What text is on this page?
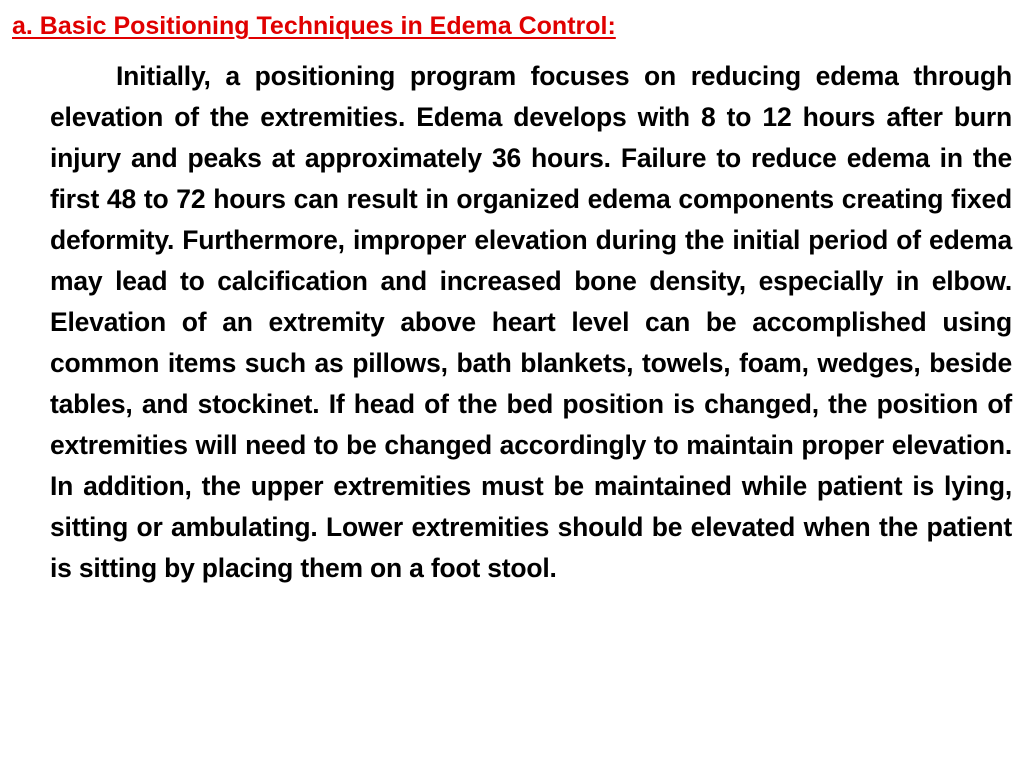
a. Basic Positioning Techniques in Edema Control:

Initially, a positioning program focuses on reducing edema through elevation of the extremities. Edema develops with 8 to 12 hours after burn injury and peaks at approximately 36 hours. Failure to reduce edema in the first 48 to 72 hours can result in organized edema components creating fixed deformity. Furthermore, improper elevation during the initial period of edema may lead to calcification and increased bone density, especially in elbow. Elevation of an extremity above heart level can be accomplished using common items such as pillows, bath blankets, towels, foam, wedges, beside tables, and stockinet. If head of the bed position is changed, the position of extremities will need to be changed accordingly to maintain proper elevation. In addition, the upper extremities must be maintained while patient is lying, sitting or ambulating. Lower extremities should be elevated when the patient is sitting by placing them on a foot stool.
